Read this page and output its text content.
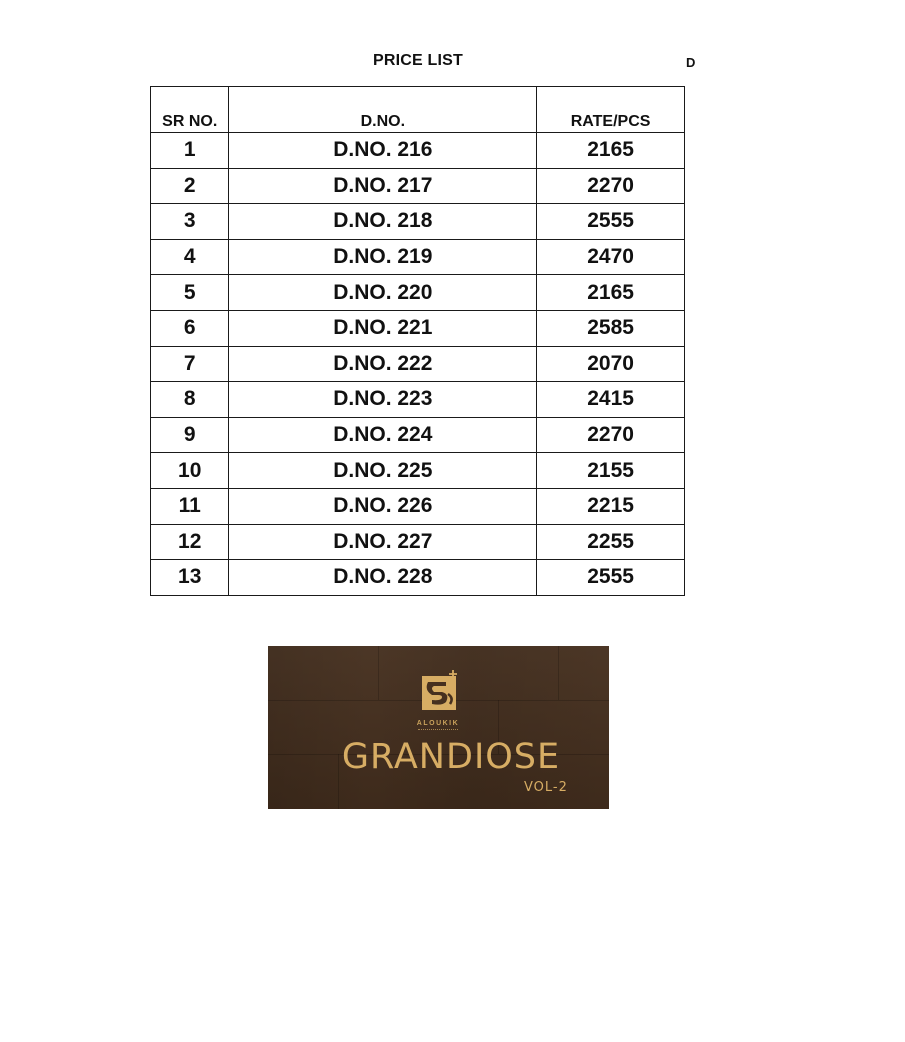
PRICE LIST	D
SR NO.	D.NO.	RATE/PCS
1	D.NO. 216	2165
2	D.NO. 217	2270
3	D.NO. 218	2555
4	D.NO. 219	2470
5	D.NO. 220	2165
6	D.NO. 221	2585
7	D.NO. 222	2070
8	D.NO. 223	2415
9	D.NO. 224	2270
10	D.NO. 225	2155
11	D.NO. 226	2215
12	D.NO. 227	2255
13	D.NO. 228	2555
ALOUKIK
GRANDIOSE
VOL-2
